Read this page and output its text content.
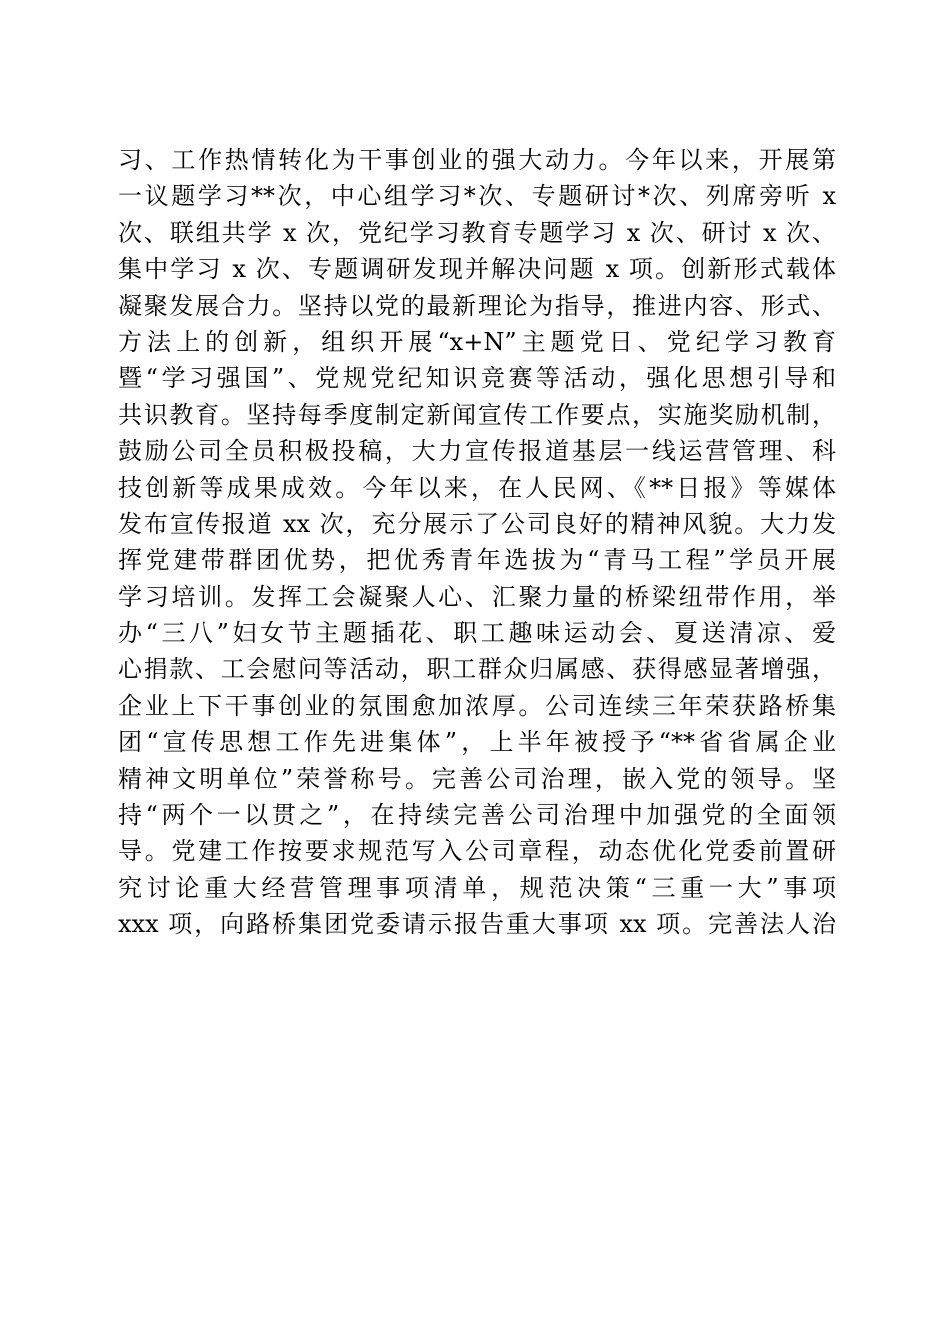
习、工作热情转化为干事创业的强大动力。今年以来，开展第
一议题学习**次，中心组学习*次、专题研讨*次、列席旁听 x
次、联组共学 x 次，党纪学习教育专题学习 x 次、研讨 x 次、
集中学习 x 次、专题调研发现并解决问题 x 项。创新形式载体
凝聚发展合力。坚持以党的最新理论为指导，推进内容、形式、
方法上的创新，组织开展“x+N”主题党日、党纪学习教育
暨“学习强国”、党规党纪知识竞赛等活动，强化思想引导和
共识教育。坚持每季度制定新闻宣传工作要点，实施奖励机制，
鼓励公司全员积极投稿，大力宣传报道基层一线运营管理、科
技创新等成果成效。今年以来，在人民网、《**日报》等媒体
发布宣传报道 xx 次，充分展示了公司良好的精神风貌。大力发
挥党建带群团优势，把优秀青年选拔为“青马工程”学员开展
学习培训。发挥工会凝聚人心、汇聚力量的桥梁纽带作用，举
办“三八”妇女节主题插花、职工趣味运动会、夏送清凉、爱
心捐款、工会慰问等活动，职工群众归属感、获得感显著增强，
企业上下干事创业的氛围愈加浓厚。公司连续三年荣获路桥集
团“宣传思想工作先进集体”，上半年被授予“**省省属企业
精神文明单位”荣誉称号。完善公司治理，嵌入党的领导。坚
持“两个一以贯之”，在持续完善公司治理中加强党的全面领
导。党建工作按要求规范写入公司章程，动态优化党委前置研
究讨论重大经营管理事项清单，规范决策“三重一大”事项
xxx 项，向路桥集团党委请示报告重大事项 xx 项。完善法人治
